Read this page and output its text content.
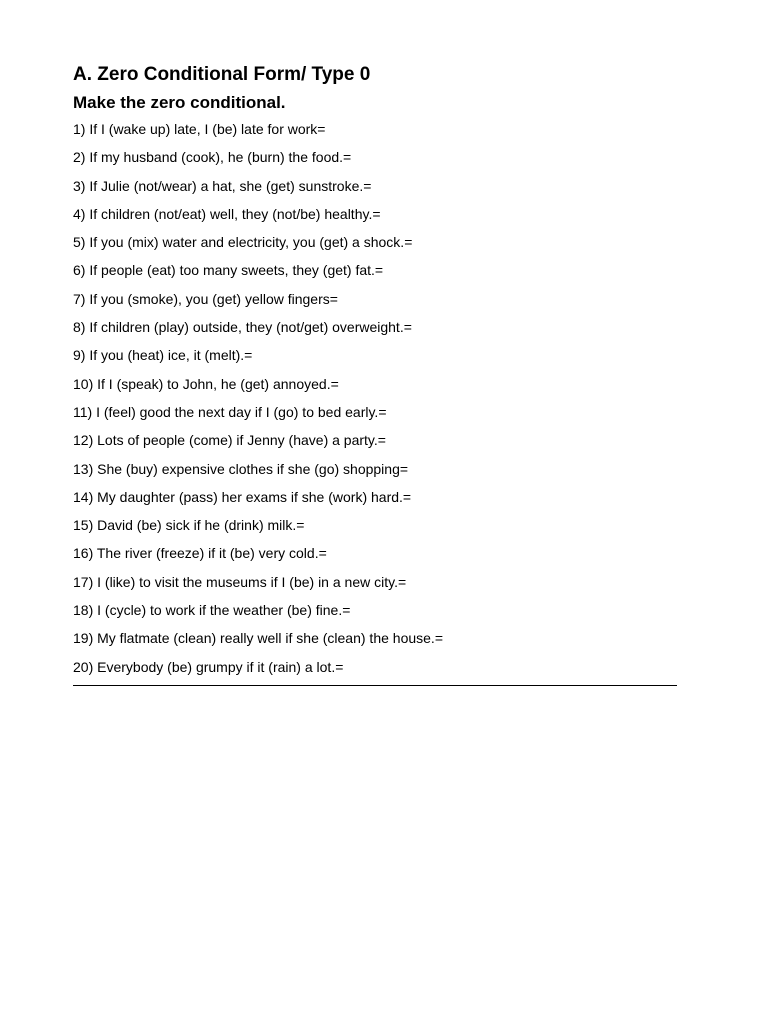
A. Zero Conditional Form/ Type 0
Make the zero conditional.
1) If I (wake up) late, I (be) late for work=
2) If my husband (cook), he (burn) the food.=
3) If Julie (not/wear) a hat, she (get) sunstroke.=
4) If children (not/eat) well, they (not/be) healthy.=
5) If you (mix) water and electricity, you (get) a shock.=
6) If people (eat) too many sweets, they (get) fat.=
7) If you (smoke), you (get) yellow fingers=
8) If children (play) outside, they (not/get) overweight.=
9) If you (heat) ice, it (melt).=
10) If I (speak) to John, he (get) annoyed.=
11) I (feel) good the next day if I (go) to bed early.=
12) Lots of people (come) if Jenny (have) a party.=
13) She (buy) expensive clothes if she (go) shopping=
14) My daughter (pass) her exams if she (work) hard.=
15) David (be) sick if he (drink) milk.=
16) The river (freeze) if it (be) very cold.=
17) I (like) to visit the museums if I (be) in a new city.=
18) I (cycle) to work if the weather (be) fine.=
19) My flatmate (clean) really well if she (clean) the house.=
20) Everybody (be) grumpy if it (rain) a lot.=
